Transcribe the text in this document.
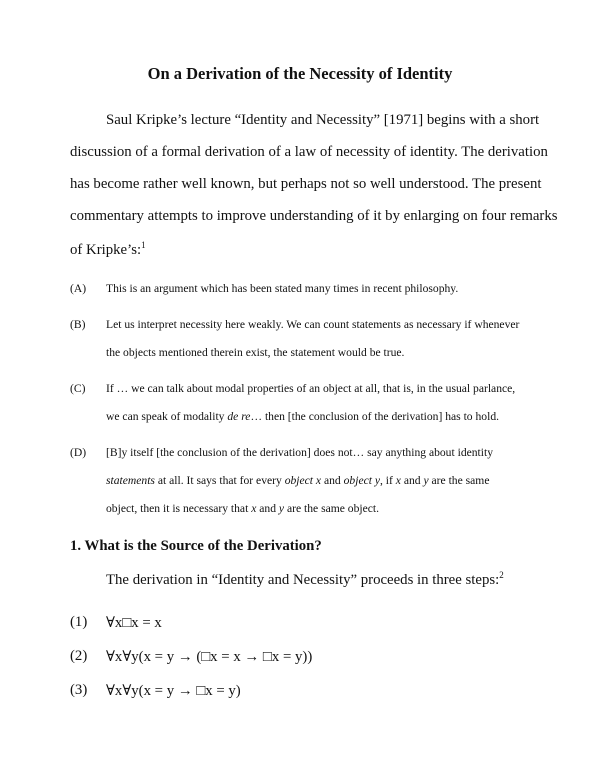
On a Derivation of the Necessity of Identity
Saul Kripke’s lecture “Identity and Necessity” [1971] begins with a short
discussion of a formal derivation of a law of necessity of identity. The derivation
has become rather well known, but perhaps not so well understood. The present
commentary attempts to improve understanding of it by enlarging on four remarks
of Kripke’s:$^1$
(A) This is an argument which has been stated many times in recent philosophy.
(B) Let us interpret necessity here weakly. We can count statements as necessary if whenever
the objects mentioned therein exist, the statement would be true.
(C) If … we can talk about modal properties of an object at all, that is, in the usual parlance,
we can speak of modality de re… then [the conclusion of the derivation] has to hold.
(D) [B]y itself [the conclusion of the derivation] does not… say anything about identity
statements at all. It says that for every object x and object y, if x and y are the same
object, then it is necessary that x and y are the same object.
1. What is the Source of the Derivation?
The derivation in “Identity and Necessity” proceeds in three steps:$^2$
(1) ∀x□x = x
(2) ∀x∀y(x = y → (□x = x → □x = y))
(3) ∀x∀y(x = y → □x = y)
